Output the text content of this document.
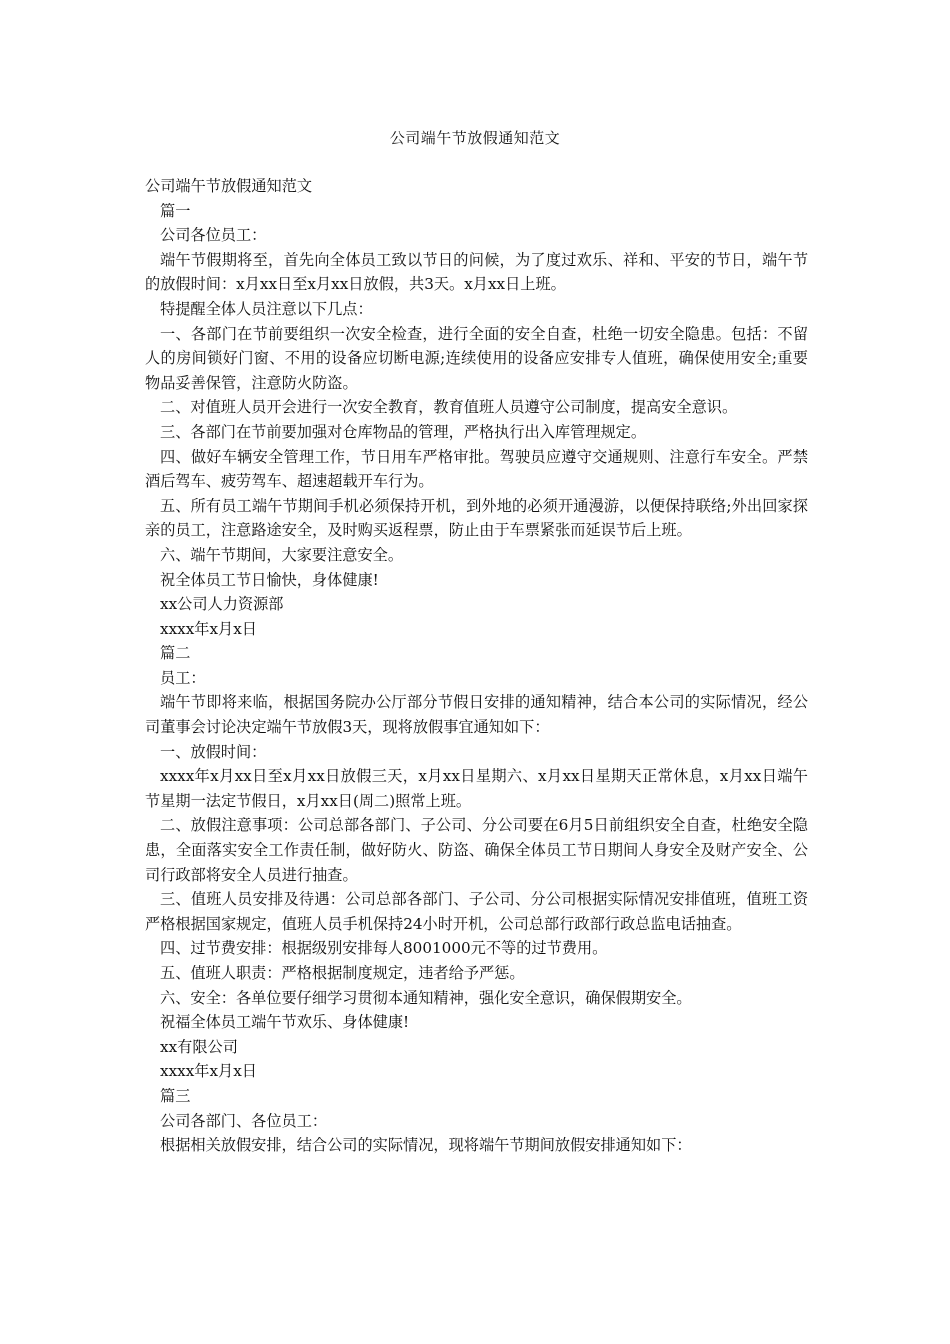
公司端午节放假通知范文

公司端午节放假通知范文

篇一

公司各位员工：

端午节假期将至，首先向全体员工致以节日的问候，为了度过欢乐、祥和、平安的节日，端午节的放假时间：x月xx日至x月xx日放假，共3天。x月xx日上班。

特提醒全体人员注意以下几点：

一、各部门在节前要组织一次安全检查，进行全面的安全自查，杜绝一切安全隐患。包括：不留人的房间锁好门窗、不用的设备应切断电源;连续使用的设备应安排专人值班，确保使用安全;重要物品妥善保管，注意防火防盗。

二、对值班人员开会进行一次安全教育，教育值班人员遵守公司制度，提高安全意识。

三、各部门在节前要加强对仓库物品的管理，严格执行出入库管理规定。

四、做好车辆安全管理工作，节日用车严格审批。驾驶员应遵守交通规则、注意行车安全。严禁酒后驾车、疲劳驾车、超速超载开车行为。

五、所有员工端午节期间手机必须保持开机，到外地的必须开通漫游，以便保持联络;外出回家探亲的员工，注意路途安全，及时购买返程票，防止由于车票紧张而延误节后上班。

六、端午节期间，大家要注意安全。

祝全体员工节日愉快，身体健康!

xx公司人力资源部

xxxx年x月x日

篇二

员工：

端午节即将来临，根据国务院办公厅部分节假日安排的通知精神，结合本公司的实际情况，经公司董事会讨论决定端午节放假3天，现将放假事宜通知如下：

一、放假时间：

xxxx年x月xx日至x月xx日放假三天，x月xx日星期六、x月xx日星期天正常休息，x月xx日端午节星期一法定节假日，x月xx日(周二)照常上班。

二、放假注意事项：公司总部各部门、子公司、分公司要在6月5日前组织安全自查，杜绝安全隐患，全面落实安全工作责任制，做好防火、防盗、确保全体员工节日期间人身安全及财产安全、公司行政部将安全人员进行抽查。

三、值班人员安排及待遇：公司总部各部门、子公司、分公司根据实际情况安排值班，值班工资严格根据国家规定，值班人员手机保持24小时开机，公司总部行政部行政总监电话抽查。

四、过节费安排：根据级别安排每人8001000元不等的过节费用。

五、值班人职责：严格根据制度规定，违者给予严惩。

六、安全：各单位要仔细学习贯彻本通知精神，强化安全意识，确保假期安全。

祝福全体员工端午节欢乐、身体健康!

xx有限公司

xxxx年x月x日

篇三

公司各部门、各位员工：

根据相关放假安排，结合公司的实际情况，现将端午节期间放假安排通知如下：
